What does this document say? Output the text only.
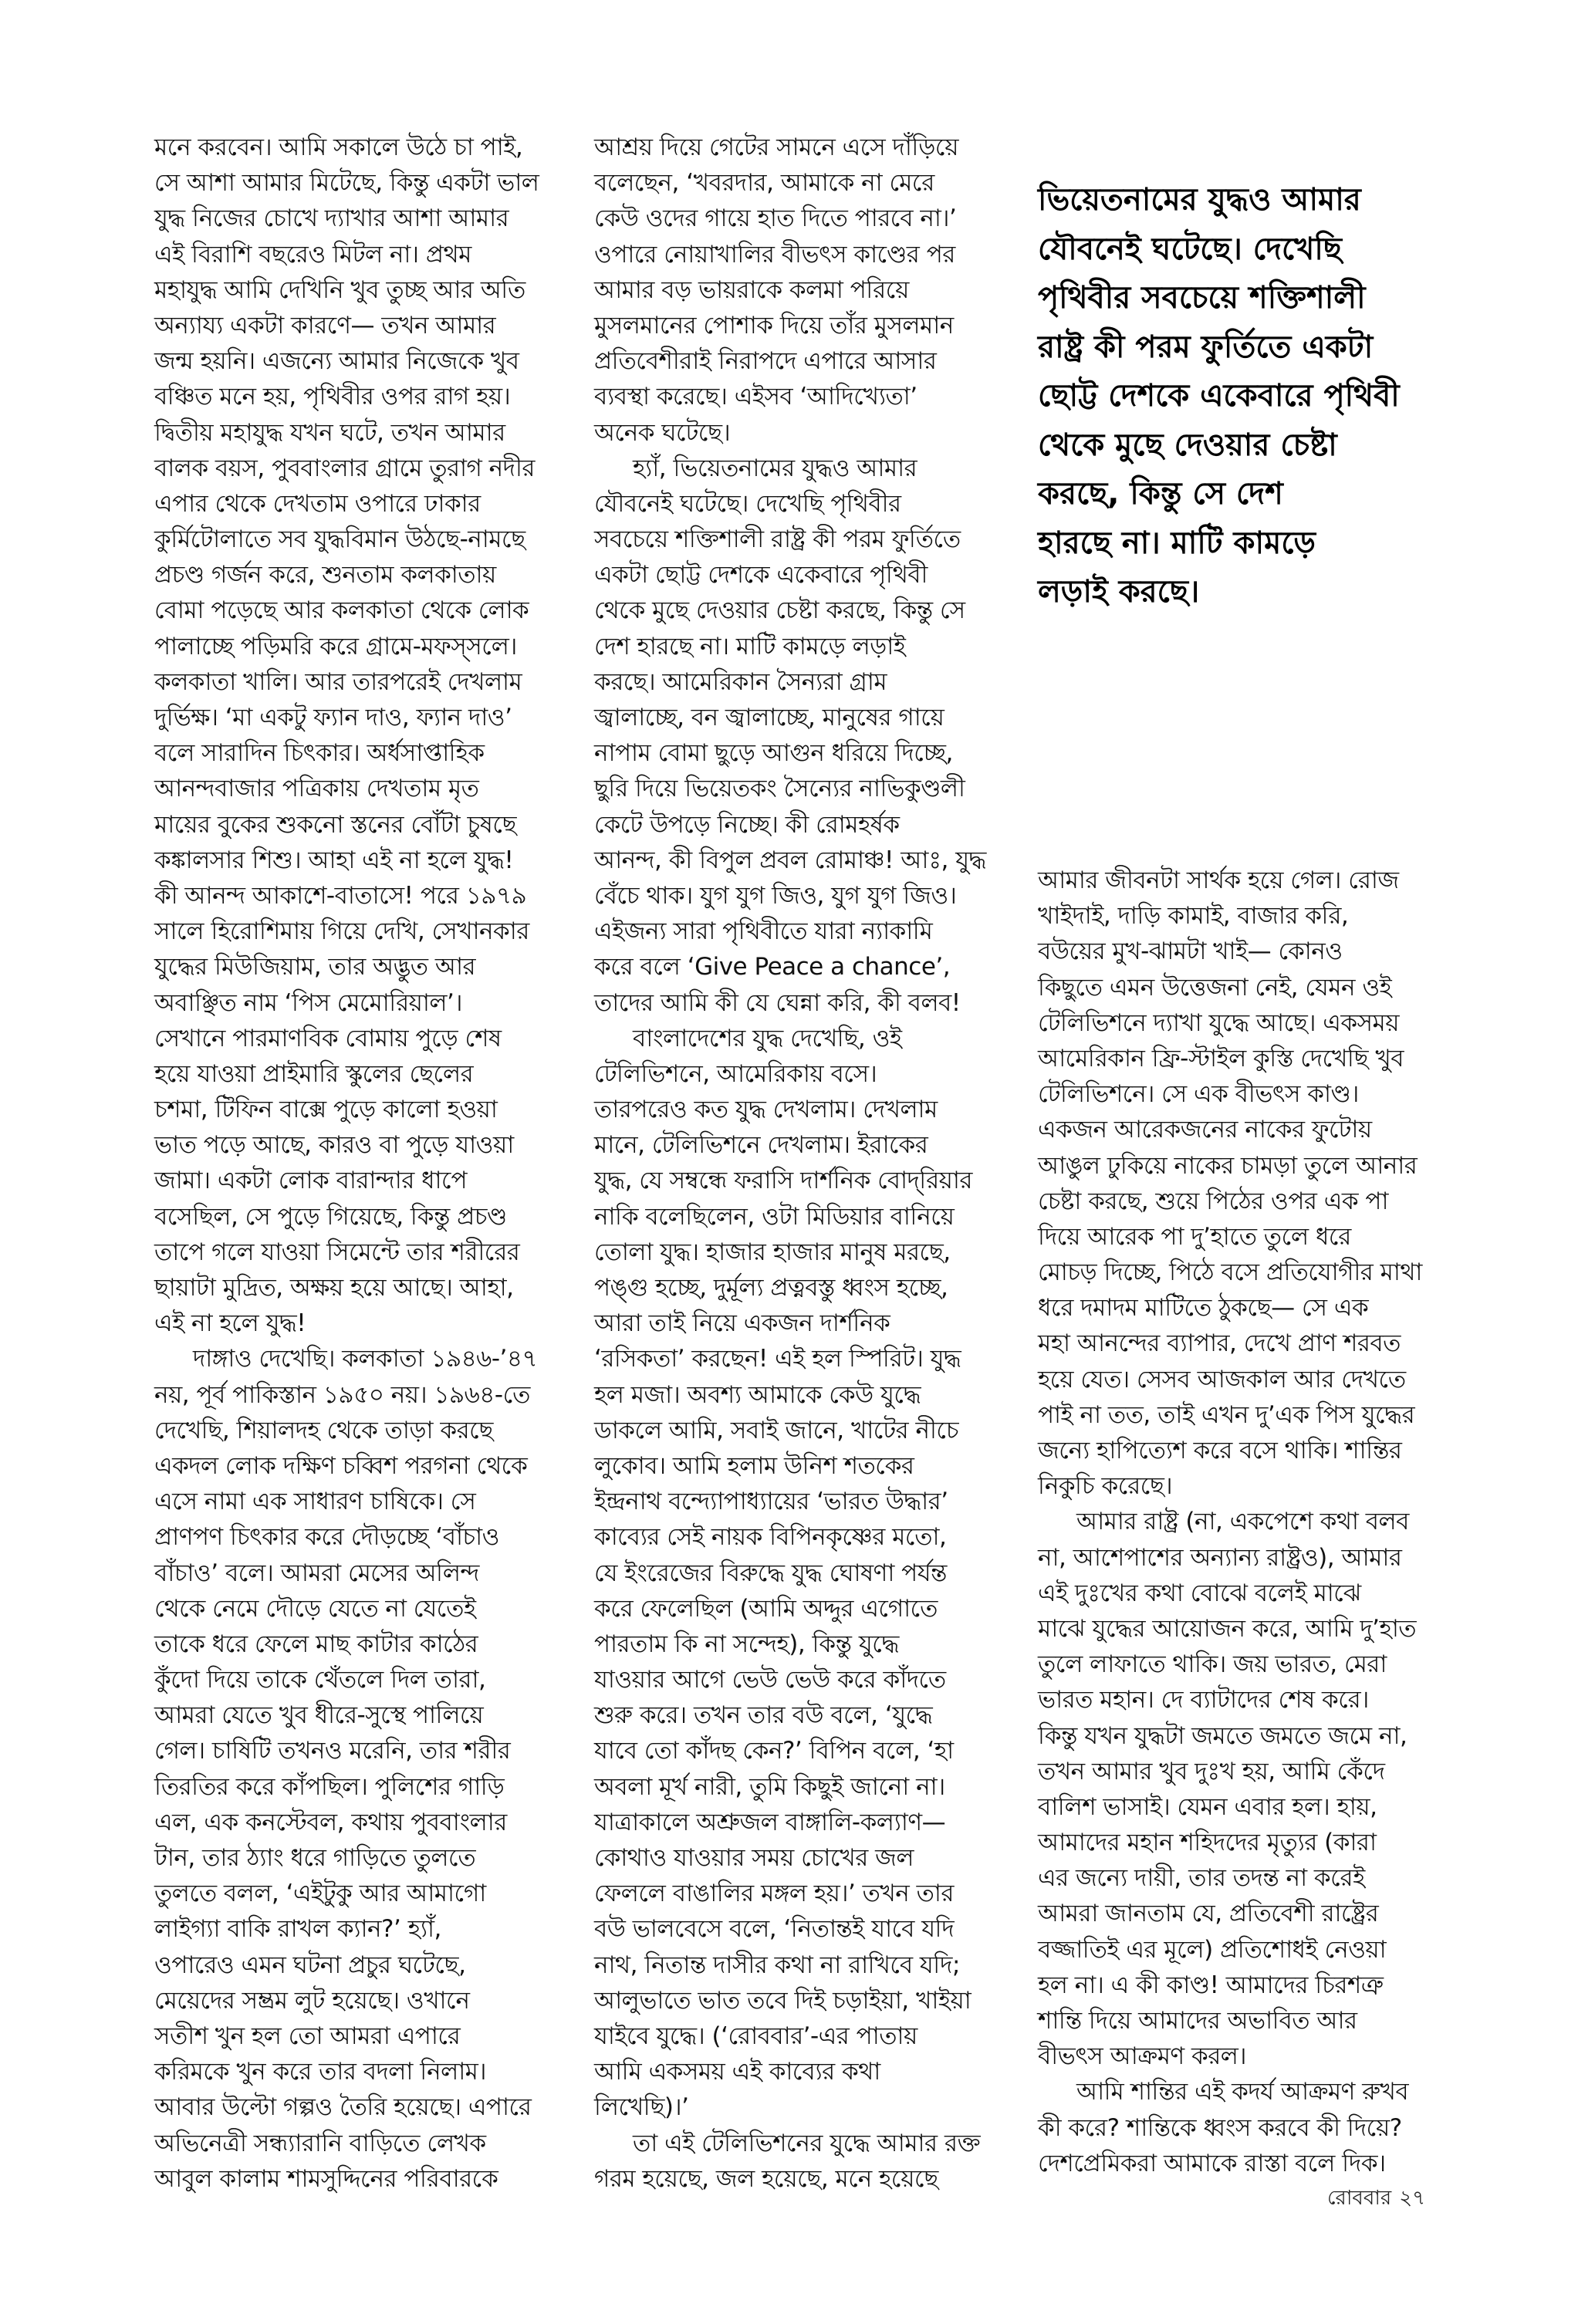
মনে করবেন। আমি সকালে উঠে চা পাই,
সে আশা আমার মিটেছে, কিন্তু একটা ভাল
যুদ্ধ নিজের চোখে দ্যাখার আশা আমার
এই বিরাশি বছরেও মিটল না। প্রথম
মহাযুদ্ধ আমি দেখিনি খুব তুচ্ছ আর অতি
অন্যায্য একটা কারণে— তখন আমার
জন্ম হয়নি। এজন্যে আমার নিজেকে খুব
বঞ্চিত মনে হয়, পৃথিবীর ওপর রাগ হয়।
দ্বিতীয় মহাযুদ্ধ যখন ঘটে, তখন আমার
বালক বয়স, পুববাংলার গ্রামে তুরাগ নদীর
এপার থেকে দেখতাম ওপারে ঢাকার
কুর্মিটোলাতে সব যুদ্ধবিমান উঠছে-নামছে
প্রচণ্ড গর্জন করে, শুনতাম কলকাতায়
বোমা পড়েছে আর কলকাতা থেকে লোক
পালাচ্ছে পড়িমরি করে গ্রামে-মফস্‌সলে।
কলকাতা খালি। আর তারপরেই দেখলাম
দুর্ভিক্ষ। ‘মা একটু ফ্যান দাও, ফ্যান দাও’
বলে সারাদিন চিৎকার। অর্ধসাপ্তাহিক
আনন্দবাজার পত্রিকায় দেখতাম মৃত
মায়ের বুকের শুকনো স্তনের বোঁটা চুষছে
কঙ্কালসার শিশু। আহা এই না হলে যুদ্ধ!
কী আনন্দ আকাশে-বাতাসে! পরে ১৯৭৯
সালে হিরোশিমায় গিয়ে দেখি, সেখানকার
যুদ্ধের মিউজিয়াম, তার অদ্ভুত আর
অবাঞ্ছিত নাম ‘পিস মেমোরিয়াল’।
সেখানে পারমাণবিক বোমায় পুড়ে শেষ
হয়ে যাওয়া প্রাইমারি স্কুলের ছেলের
চশমা, টিফিন বাক্সে পুড়ে কালো হওয়া
ভাত পড়ে আছে, কারও বা পুড়ে যাওয়া
জামা। একটা লোক বারান্দার ধাপে
বসেছিল, সে পুড়ে গিয়েছে, কিন্তু প্রচণ্ড
তাপে গলে যাওয়া সিমেন্টে তার শরীরের
ছায়াটা মুদ্রিত, অক্ষয় হয়ে আছে। আহা,
এই না হলে যুদ্ধ!
দাঙ্গাও দেখেছি। কলকাতা ১৯৪৬-’৪৭
নয়, পূর্ব পাকিস্তান ১৯৫০ নয়। ১৯৬৪-তে
দেখেছি, শিয়ালদহ থেকে তাড়া করছে
একদল লোক দক্ষিণ চব্বিশ পরগনা থেকে
এসে নামা এক সাধারণ চাষিকে। সে
প্রাণপণ চিৎকার করে দৌড়চ্ছে ‘বাঁচাও
বাঁচাও’ বলে। আমরা মেসের অলিন্দ
থেকে নেমে দৌড়ে যেতে না যেতেই
তাকে ধরে ফেলে মাছ কাটার কাঠের
কুঁদো দিয়ে তাকে থেঁতলে দিল তারা,
আমরা যেতে খুব ধীরে-সুস্থে পালিয়ে
গেল। চাষিটি তখনও মরেনি, তার শরীর
তিরতির করে কাঁপছিল। পুলিশের গাড়ি
এল, এক কনস্টেবল, কথায় পুববাংলার
টান, তার ঠ্যাং ধরে গাড়িতে তুলতে
তুলতে বলল, ‘এইটুকু আর আমাগো
লাইগ্যা বাকি রাখল ক্যান?’ হ্যাঁ,
ওপারেও এমন ঘটনা প্রচুর ঘটেছে,
মেয়েদের সম্ভ্রম লুট হয়েছে। ওখানে
সতীশ খুন হল তো আমরা এপারে
করিমকে খুন করে তার বদলা নিলাম।
আবার উল্টো গল্পও তৈরি হয়েছে। এপারে
অভিনেত্রী সন্ধ্যারানি বাড়িতে লেখক
আবুল কালাম শামসুদ্দিনের পরিবারকে
আশ্রয় দিয়ে গেটের সামনে এসে দাঁড়িয়ে
বলেছেন, ‘খবরদার, আমাকে না মেরে
কেউ ওদের গায়ে হাত দিতে পারবে না।’
ওপারে নোয়াখালির বীভৎস কাণ্ডের পর
আমার বড় ভায়রাকে কলমা পরিয়ে
মুসলমানের পোশাক দিয়ে তাঁর মুসলমান
প্রতিবেশীরাই নিরাপদে এপারে আসার
ব্যবস্থা করেছে। এইসব ‘আদিখ্যেতা’
অনেক ঘটেছে।
হ্যাঁ, ভিয়েতনামের যুদ্ধও আমার
যৌবনেই ঘটেছে। দেখেছি পৃথিবীর
সবচেয়ে শক্তিশালী রাষ্ট্র কী পরম ফুর্তিতে
একটা ছোট্ট দেশকে একেবারে পৃথিবী
থেকে মুছে দেওয়ার চেষ্টা করছে, কিন্তু সে
দেশ হারছে না। মাটি কামড়ে লড়াই
করছে। আমেরিকান সৈন্যরা গ্রাম
জ্বালাচ্ছে, বন জ্বালাচ্ছে, মানুষের গায়ে
নাপাম বোমা ছুড়ে আগুন ধরিয়ে দিচ্ছে,
ছুরি দিয়ে ভিয়েতকং সৈন্যের নাভিকুণ্ডলী
কেটে উপড়ে নিচ্ছে। কী রোমহর্ষক
আনন্দ, কী বিপুল প্রবল রোমাঞ্চ! আঃ, যুদ্ধ
বেঁচে থাক। যুগ যুগ জিও, যুগ যুগ জিও।
এইজন্য সারা পৃথিবীতে যারা ন্যাকামি
করে বলে ‘Give Peace a chance’,
তাদের আমি কী যে ঘেন্না করি, কী বলব!
বাংলাদেশের যুদ্ধ দেখেছি, ওই
টেলিভিশনে, আমেরিকায় বসে।
তারপরেও কত যুদ্ধ দেখলাম। দেখলাম
মানে, টেলিভিশনে দেখলাম। ইরাকের
যুদ্ধ, যে সম্বন্ধে ফরাসি দার্শনিক বোদ্‌রিয়ার
নাকি বলেছিলেন, ওটা মিডিয়ার বানিয়ে
তোলা যুদ্ধ। হাজার হাজার মানুষ মরছে,
পঙ্গু হচ্ছে, দুর্মূল্য প্রত্নবস্তু ধ্বংস হচ্ছে,
আরা তাই নিয়ে একজন দার্শনিক
‘রসিকতা’ করছেন! এই হল স্পিরিট। যুদ্ধ
হল মজা। অবশ্য আমাকে কেউ যুদ্ধে
ডাকলে আমি, সবাই জানে, খাটের নীচে
লুকোব। আমি হলাম উনিশ শতকের
ইন্দ্রনাথ বন্দ্যোপাধ্যায়ের ‘ভারত উদ্ধার’
কাব্যের সেই নায়ক বিপিনকৃষ্ণের মতো,
যে ইংরেজের বিরুদ্ধে যুদ্ধ ঘোষণা পর্যন্ত
করে ফেলেছিল (আমি অদ্দুর এগোতে
পারতাম কি না সন্দেহ), কিন্তু যুদ্ধে
যাওয়ার আগে ভেউ ভেউ করে কাঁদতে
শুরু করে। তখন তার বউ বলে, ‘যুদ্ধে
যাবে তো কাঁদছ কেন?’ বিপিন বলে, ‘হা
অবলা মূর্খ নারী, তুমি কিছুই জানো না।
যাত্রাকালে অশ্রুজল বাঙ্গালি-কল্যাণ—
কোথাও যাওয়ার সময় চোখের জল
ফেললে বাঙালির মঙ্গল হয়।’ তখন তার
বউ ভালবেসে বলে, ‘নিতান্তই যাবে যদি
নাথ, নিতান্ত দাসীর কথা না রাখিবে যদি;
আলুভাতে ভাত তবে দিই চড়াইয়া, খাইয়া
যাইবে যুদ্ধে। (‘রোববার’-এর পাতায়
আমি একসময় এই কাব্যের কথা
লিখেছি)।’
তা এই টেলিভিশনের যুদ্ধে আমার রক্ত
গরম হয়েছে, জল হয়েছে, মনে হয়েছে
ভিয়েতনামের যুদ্ধও আমার
যৌবনেই ঘটেছে। দেখেছি
পৃথিবীর সবচেয়ে শক্তিশালী
রাষ্ট্র কী পরম ফুর্তিতে একটা
ছোট্ট দেশকে একেবারে পৃথিবী
থেকে মুছে দেওয়ার চেষ্টা
করছে, কিন্তু সে দেশ
হারছে না। মাটি কামড়ে
লড়াই করছে।
আমার জীবনটা সার্থক হয়ে গেল। রোজ
খাইদাই, দাড়ি কামাই, বাজার করি,
বউয়ের মুখ-ঝামটা খাই— কোনও
কিছুতে এমন উত্তেজনা নেই, যেমন ওই
টেলিভিশনে দ্যাখা যুদ্ধে আছে। একসময়
আমেরিকান ফ্রি-স্টাইল কুস্তি দেখেছি খুব
টেলিভিশনে। সে এক বীভৎস কাণ্ড।
একজন আরেকজনের নাকের ফুটোয়
আঙুল ঢুকিয়ে নাকের চামড়া তুলে আনার
চেষ্টা করছে, শুয়ে পিঠের ওপর এক পা
দিয়ে আরেক পা দু’হাতে তুলে ধরে
মোচড় দিচ্ছে, পিঠে বসে প্রতিযোগীর মাথা
ধরে দমাদম মাটিতে ঠুকছে— সে এক
মহা আনন্দের ব্যাপার, দেখে প্রাণ শরবত
হয়ে যেত। সেসব আজকাল আর দেখতে
পাই না তত, তাই এখন দু’এক পিস যুদ্ধের
জন্যে হাপিত্যেশ করে বসে থাকি। শান্তির
নিকুচি করেছে।
আমার রাষ্ট্র (না, একপেশে কথা বলব
না, আশেপাশের অন্যান্য রাষ্ট্রও), আমার
এই দুঃখের কথা বোঝে বলেই মাঝে
মাঝে যুদ্ধের আয়োজন করে, আমি দু’হাত
তুলে লাফাতে থাকি। জয় ভারত, মেরা
ভারত মহান। দে ব্যাটাদের শেষ করে।
কিন্তু যখন যুদ্ধটা জমতে জমতে জমে না,
তখন আমার খুব দুঃখ হয়, আমি কেঁদে
বালিশ ভাসাই। যেমন এবার হল। হায়,
আমাদের মহান শহিদদের মৃত্যুর (কারা
এর জন্যে দায়ী, তার তদন্ত না করেই
আমরা জানতাম যে, প্রতিবেশী রাষ্ট্রের
বজ্জাতিই এর মূলে) প্রতিশোধই নেওয়া
হল না। এ কী কাণ্ড! আমাদের চিরশত্রু
শান্তি দিয়ে আমাদের অভাবিত আর
বীভৎস আক্রমণ করল।
আমি শান্তির এই কদর্য আক্রমণ রুখব
কী করে? শান্তিকে ধ্বংস করবে কী দিয়ে?
দেশপ্রেমিকরা আমাকে রাস্তা বলে দিক।
রোববার ২৭
